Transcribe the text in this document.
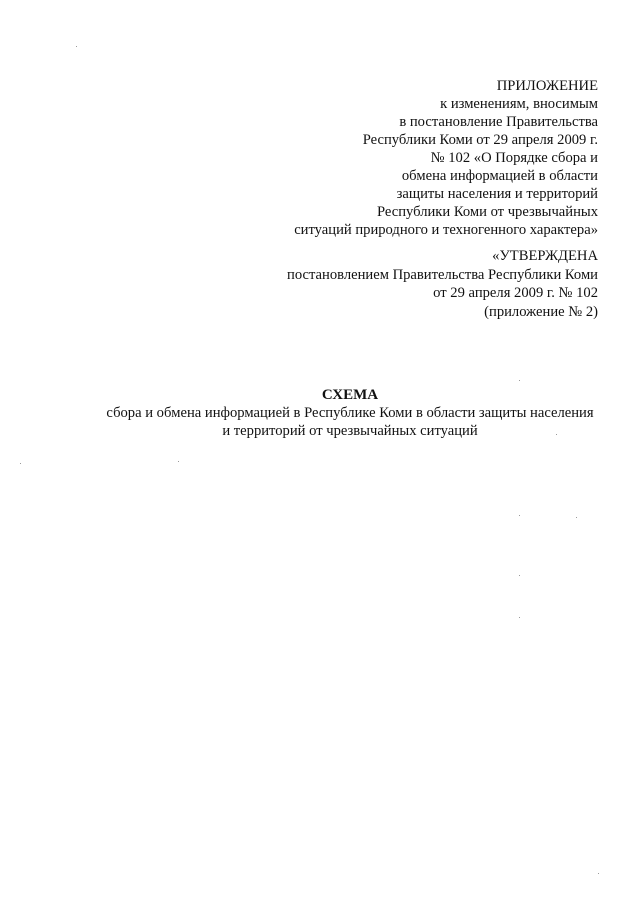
ПРИЛОЖЕНИЕ
к изменениям, вносимым
в постановление Правительства
Республики Коми от 29 апреля 2009 г.
№ 102 «О Порядке сбора и
обмена информацией в области
защиты населения и территорий
Республики Коми от чрезвычайных
ситуаций природного и техногенного характера»
«УТВЕРЖДЕНА
постановлением Правительства Республики Коми
от 29 апреля 2009 г. № 102
(приложение № 2)
СХЕМА
сбора и обмена информацией в Республике Коми в области защиты населения
и территорий от чрезвычайных ситуаций
